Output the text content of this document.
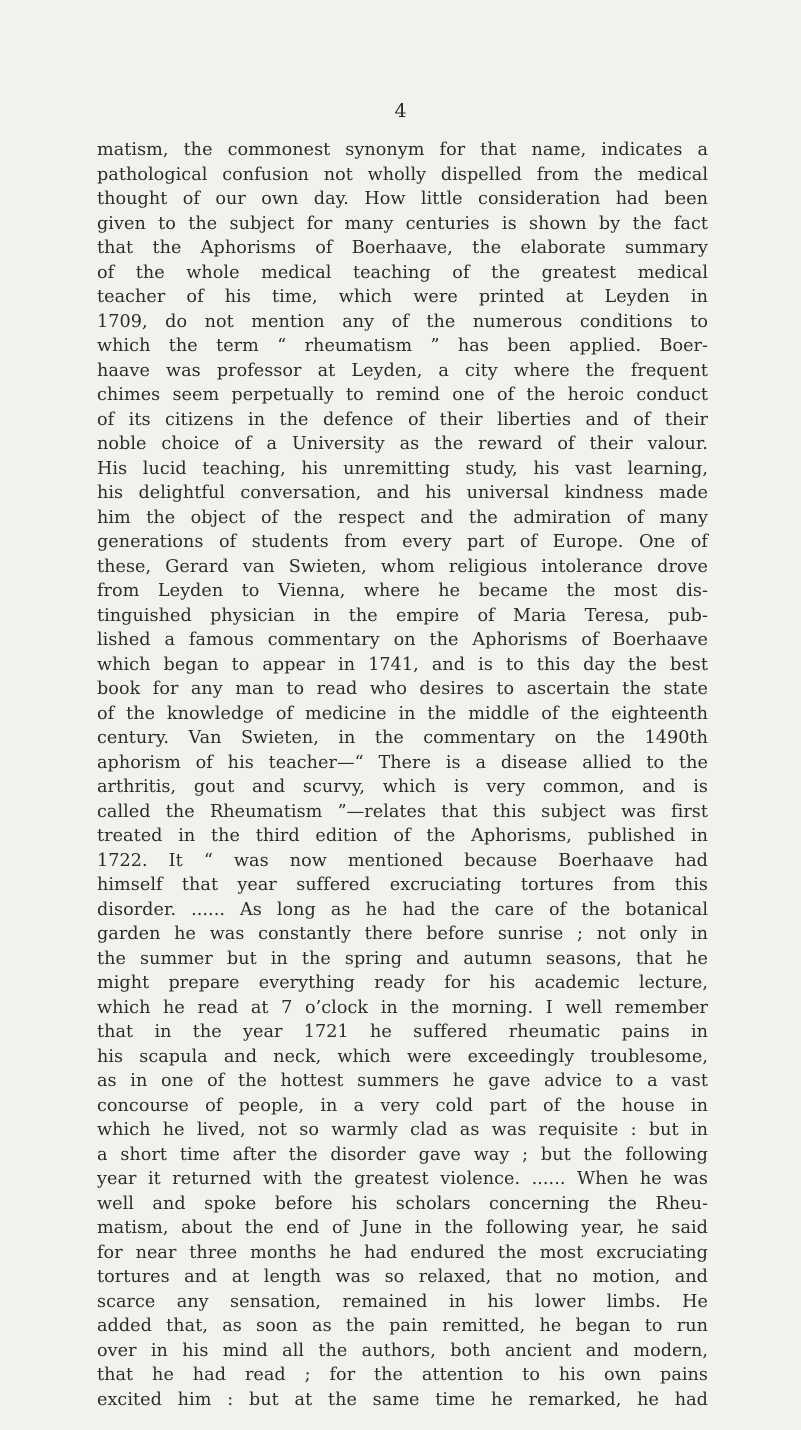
4
matism, the commonest synonym for that name, indicates a
pathological confusion not wholly dispelled from the medical
thought of our own day. How little consideration had been
given to the subject for many centuries is shown by the fact
that the Aphorisms of Boerhaave, the elaborate summary
of the whole medical teaching of the greatest medical
teacher of his time, which were printed at Leyden in
1709, do not mention any of the numerous conditions to
which the term “ rheumatism ” has been applied. Boer-
haave was professor at Leyden, a city where the frequent
chimes seem perpetually to remind one of the heroic conduct
of its citizens in the defence of their liberties and of their
noble choice of a University as the reward of their valour.
His lucid teaching, his unremitting study, his vast learning,
his delightful conversation, and his universal kindness made
him the object of the respect and the admiration of many
generations of students from every part of Europe. One of
these, Gerard van Swieten, whom religious intolerance drove
from Leyden to Vienna, where he became the most dis-
tinguished physician in the empire of Maria Teresa, pub-
lished a famous commentary on the Aphorisms of Boerhaave
which began to appear in 1741, and is to this day the best
book for any man to read who desires to ascertain the state
of the knowledge of medicine in the middle of the eighteenth
century. Van Swieten, in the commentary on the 1490th
aphorism of his teacher—“ There is a disease allied to the
arthritis, gout and scurvy, which is very common, and is
called the Rheumatism ”—relates that this subject was first
treated in the third edition of the Aphorisms, published in
1722. It “ was now mentioned because Boerhaave had
himself that year suffered excruciating tortures from this
disorder. ...... As long as he had the care of the botanical
garden he was constantly there before sunrise ; not only in
the summer but in the spring and autumn seasons, that he
might prepare everything ready for his academic lecture,
which he read at 7 o’clock in the morning. I well remember
that in the year 1721 he suffered rheumatic pains in
his scapula and neck, which were exceedingly troublesome,
as in one of the hottest summers he gave advice to a vast
concourse of people, in a very cold part of the house in
which he lived, not so warmly clad as was requisite : but in
a short time after the disorder gave way ; but the following
year it returned with the greatest violence. ...... When he was
well and spoke before his scholars concerning the Rheu-
matism, about the end of June in the following year, he said
for near three months he had endured the most excruciating
tortures and at length was so relaxed, that no motion, and
scarce any sensation, remained in his lower limbs. He
added that, as soon as the pain remitted, he began to run
over in his mind all the authors, both ancient and modern,
that he had read ; for the attention to his own pains
excited him : but at the same time he remarked, he had
